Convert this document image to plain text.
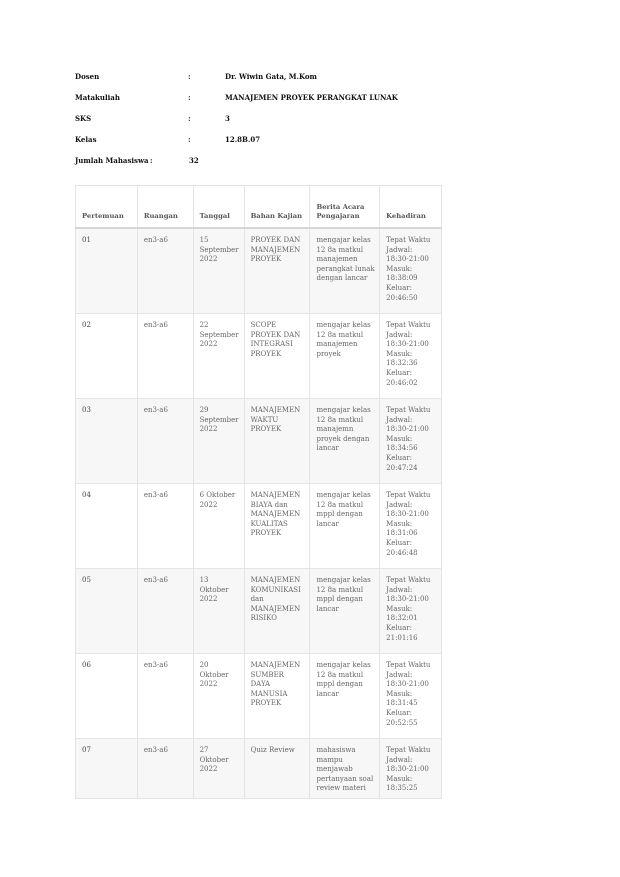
Dosen	:	Dr. Wiwin Gata, M.Kom
Matakuliah	:	MANAJEMEN PROYEK PERANGKAT LUNAK
SKS	:	3
Kelas	:	12.8B.07
Jumlah Mahasiswa :	32
Pertemuan	Ruangan	Tanggal	Bahan Kajian	Berita Acara Pengajaran	Kehadiran
01	en3-a6	15 September 2022	PROYEK DAN MANAJEMEN PROYEK	mengajar kelas 12 8a matkul manajemen perangkat lunak dengan lancar	Tepat Waktu
Jadwal: 18:30-21:00
Masuk: 18:38:09
Keluar: 20:46:50

02	en3-a6	22 September 2022	SCOPE PROYEK DAN INTEGRASI PROYEK	mengajar kelas 12 8a matkul manajemen proyek	Tepat Waktu
Jadwal: 18:30-21:00
Masuk: 18:32:36
Keluar: 20:46:02

03	en3-a6	29 September 2022	MANAJEMEN WAKTU PROYEK	mengajar kelas 12 8a matkul manajemn proyek dengan lancar	Tepat Waktu
Jadwal: 18:30-21:00
Masuk: 18:34:56
Keluar: 20:47:24

04	en3-a6	6 Oktober 2022	MANAJEMEN BIAYA dan MANAJEMEN KUALITAS PROYEK	mengajar kelas 12 8a matkul mppl dengan lancar	Tepat Waktu
Jadwal: 18:30-21:00
Masuk: 18:31:06
Keluar: 20:46:48

05	en3-a6	13 Oktober 2022	MANAJEMEN KOMUNIKASI dan MANAJEMEN RISIKO	mengajar kelas 12 8a matkul mppl dengan lancar	Tepat Waktu
Jadwal: 18:30-21:00
Masuk: 18:32:01
Keluar: 21:01:16

06	en3-a6	20 Oktober 2022	MANAJEMEN SUMBER DAYA MANUSIA PROYEK	mengajar kelas 12 8a matkul mppl dengan lancar	Tepat Waktu
Jadwal: 18:30-21:00
Masuk: 18:31:45
Keluar: 20:52:55

07	en3-a6	27 Oktober 2022	Quiz Review	mahasiswa mampu menjawab pertanyaan soal review materi	Tepat Waktu
Jadwal: 18:30-21:00
Masuk: 18:35:25
